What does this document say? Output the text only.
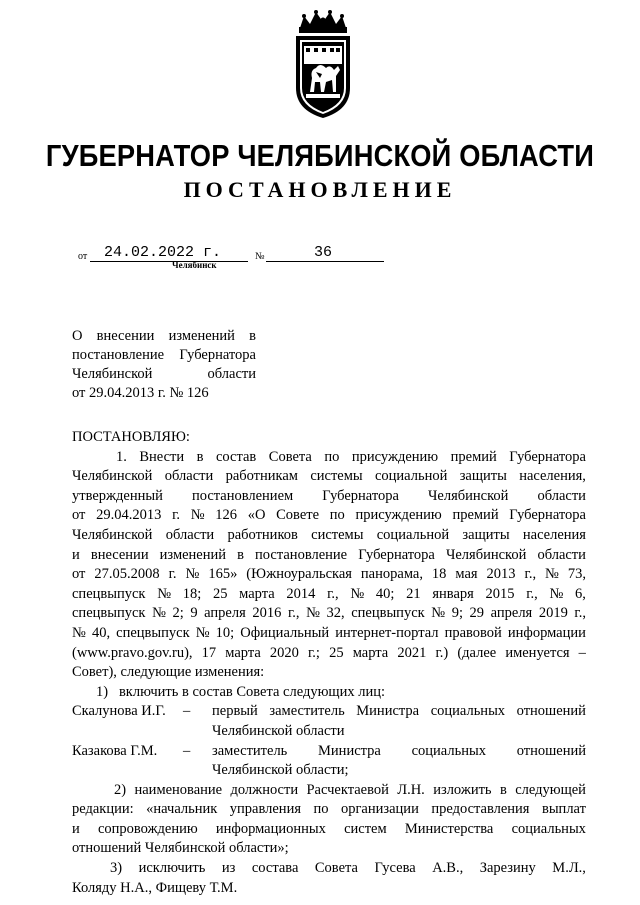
ГУБЕРНАТОР ЧЕЛЯБИНСКОЙ ОБЛАСТИ
ПОСТАНОВЛЕНИЕ
от	24.02.2022 г.	№	36
Челябинск
О внесении изменений в
постановление Губернатора
Челябинской	области
от 29.04.2013 г. № 126
ПОСТАНОВЛЯЮ:
1. Внести в состав Совета по присуждению премий Губернатора
Челябинской области работникам системы социальной защиты населения,
утвержденный постановлением Губернатора Челябинской области
от 29.04.2013 г. № 126 «О Совете по присуждению премий Губернатора
Челябинской области работников системы социальной защиты населения
и внесении изменений в постановление Губернатора Челябинской области
от 27.05.2008 г. № 165» (Южноуральская панорама, 18 мая 2013 г., № 73,
спецвыпуск № 18; 25 марта 2014 г., № 40; 21 января 2015 г., № 6,
спецвыпуск № 2; 9 апреля 2016 г., № 32, спецвыпуск № 9; 29 апреля 2019 г.,
№ 40, спецвыпуск № 10; Официальный интернет-портал правовой информации
(www.pravo.gov.ru), 17 марта 2020 г.; 25 марта 2021 г.) (далее именуется –
Совет), следующие изменения:
1)   включить в состав Совета следующих лиц:
Скалунова И.Г.	–	первый заместитель Министра социальных отношений
Челябинской области
Казакова Г.М.	–	заместитель Министра социальных отношений
Челябинской области;
2) наименование должности Расчектаевой Л.Н. изложить в следующей
редакции: «начальник управления по организации предоставления выплат
и сопровождению информационных систем Министерства социальных
отношений Челябинской области»;
3) исключить из состава Совета Гусева А.В., Зарезину М.Л.,
Коляду Н.А., Фищеву Т.М.
